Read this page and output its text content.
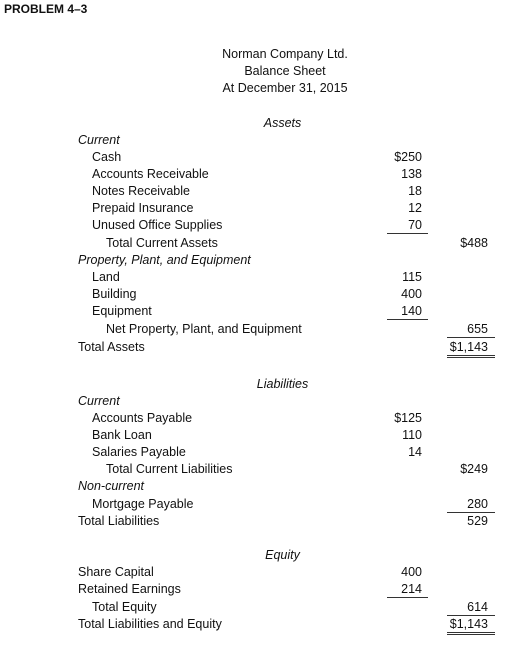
PROBLEM 4–3
Norman Company Ltd.
Balance Sheet
At December 31, 2015
Assets
Current
Cash	$250
Accounts Receivable	138
Notes Receivable	18
Prepaid Insurance	12
Unused Office Supplies	70
Total Current Assets	$488
Property, Plant, and Equipment
Land	115
Building	400
Equipment	140
Net Property, Plant, and Equipment	655
Total Assets	$1,143
Liabilities
Current
Accounts Payable	$125
Bank Loan	110
Salaries Payable	14
Total Current Liabilities	$249
Non-current
Mortgage Payable	280
Total Liabilities	529
Equity
Share Capital	400
Retained Earnings	214
Total Equity	614
Total Liabilities and Equity	$1,143
